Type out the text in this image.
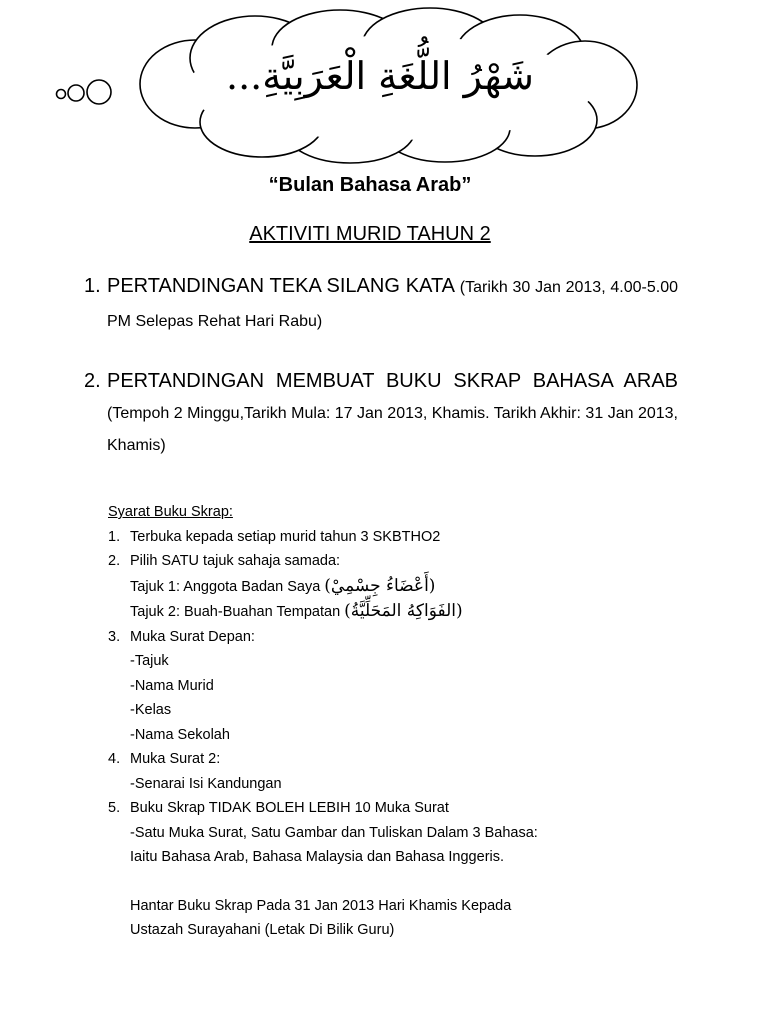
شَهْرُ اللُّغَةِ الْعَرَبِيَّةِ...
“Bulan Bahasa Arab”
AKTIVITI MURID TAHUN 2
1. PERTANDINGAN TEKA SILANG KATA (Tarikh 30 Jan 2013, 4.00-5.00 PM Selepas Rehat Hari Rabu)
2. PERTANDINGAN MEMBUAT BUKU SKRAP BAHASA ARAB (Tempoh 2 Minggu,Tarikh Mula: 17 Jan 2013, Khamis. Tarikh Akhir: 31 Jan 2013, Khamis)
Syarat Buku Skrap:
1. Terbuka kepada setiap murid tahun 3 SKBTHO2
2. Pilih SATU tajuk sahaja samada:
Tajuk 1: Anggota Badan Saya (أَعْضَاءُ جِسْمِيْ)
Tajuk 2: Buah-Buahan Tempatan (الفَوَاكِهُ المَحَلِّيَّةُ)
3. Muka Surat Depan:
-Tajuk
-Nama Murid
-Kelas
-Nama Sekolah
4. Muka Surat 2:
-Senarai Isi Kandungan
5. Buku Skrap TIDAK BOLEH LEBIH 10 Muka Surat
-Satu Muka Surat, Satu Gambar dan Tuliskan Dalam 3 Bahasa:
Iaitu Bahasa Arab, Bahasa Malaysia dan Bahasa Inggeris.
Hantar Buku Skrap Pada 31 Jan 2013 Hari Khamis Kepada
Ustazah Surayahani (Letak Di Bilik Guru)
